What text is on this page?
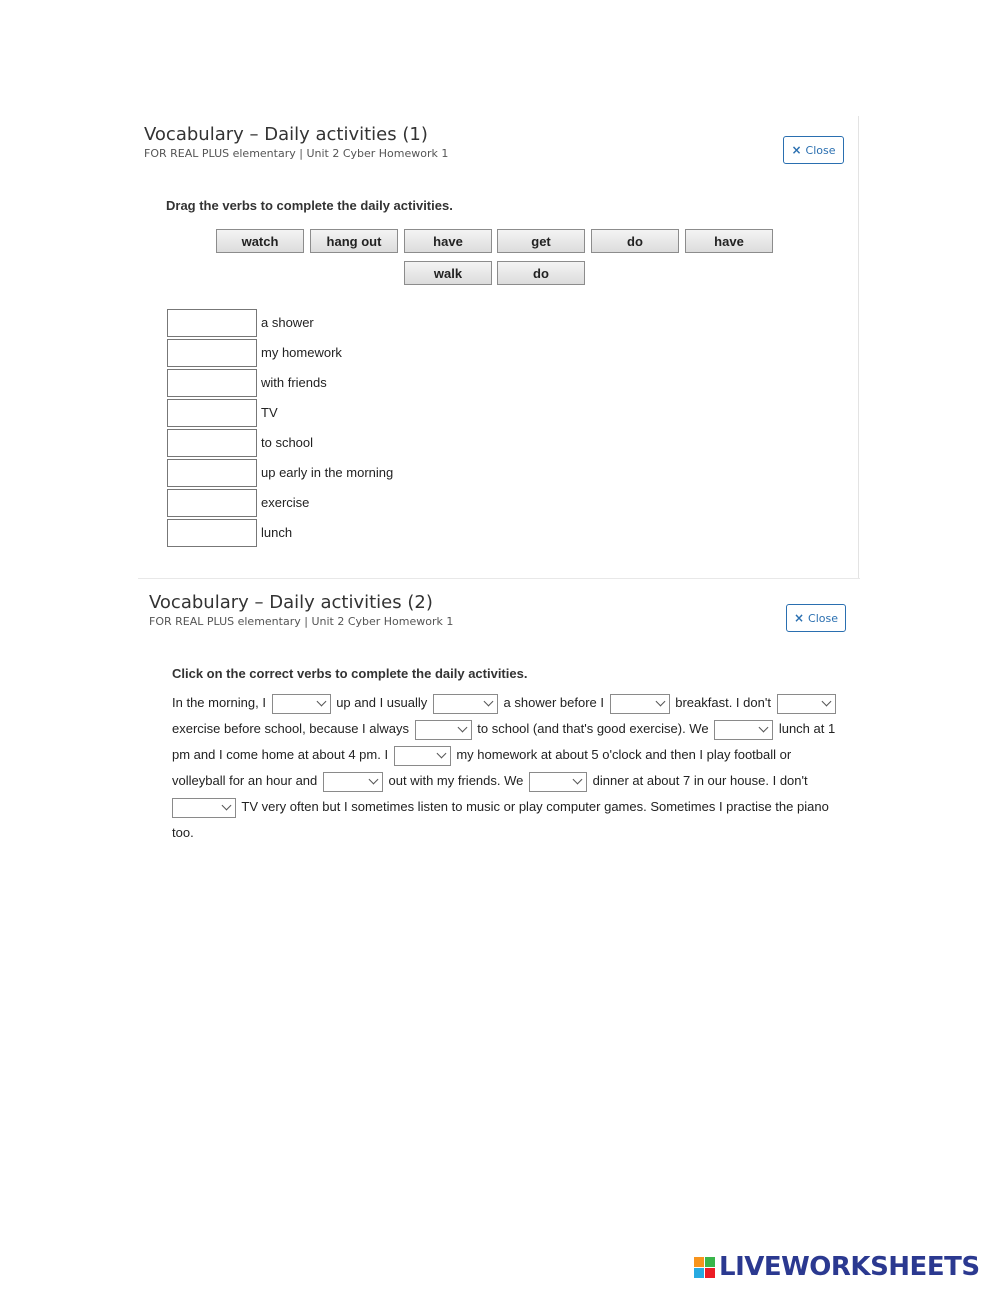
Vocabulary – Daily activities (1)
FOR REAL PLUS elementary | Unit 2 Cyber Homework 1	× Close
Drag the verbs to complete the daily activities.
watch	hang out	have	get	do	have
walk	do
a shower
my homework
with friends
TV
to school
up early in the morning
exercise
lunch
Vocabulary – Daily activities (2)
FOR REAL PLUS elementary | Unit 2 Cyber Homework 1	× Close
Click on the correct verbs to complete the daily activities.

In the morning, I	up and I usually	a shower before I	breakfast. I don't

exercise before school, because I always	to school (and that's good exercise). We	lunch at 1

pm and I come home at about 4 pm. I	my homework at about 5 o'clock and then I play football or

volleyball for an hour and	out with my friends. We	dinner at about 7 in our house. I don't

TV very often but I sometimes listen to music or play computer games. Sometimes I practise the piano

too.

LIVEWORKSHEETS
